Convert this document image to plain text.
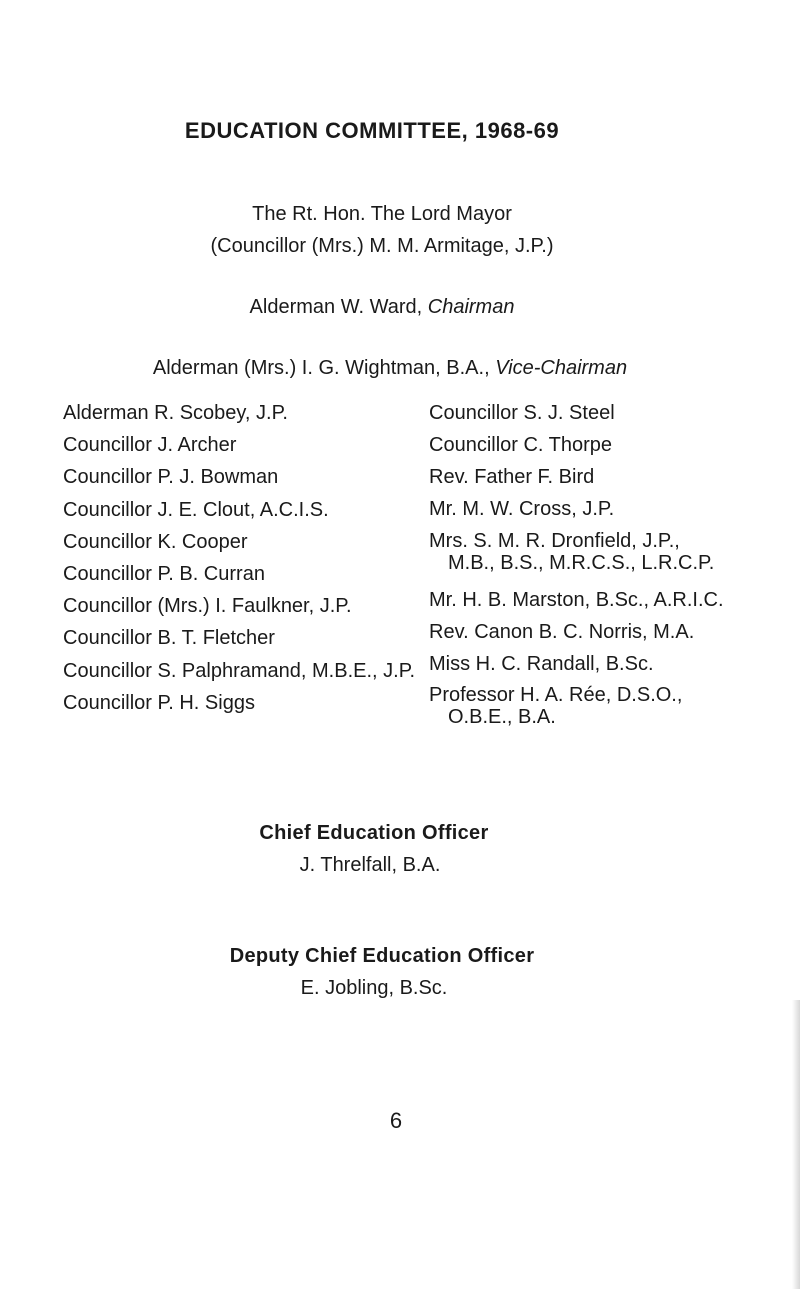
EDUCATION COMMITTEE, 1968-69
The Rt. Hon. The Lord Mayor
(Councillor (Mrs.) M. M. Armitage, J.P.)
Alderman W. Ward, Chairman
Alderman (Mrs.) I. G. Wightman, B.A., Vice-Chairman
Alderman R. Scobey, J.P.
Councillor J. Archer
Councillor P. J. Bowman
Councillor J. E. Clout, A.C.I.S.
Councillor K. Cooper
Councillor P. B. Curran
Councillor (Mrs.) I. Faulkner, J.P.
Councillor B. T. Fletcher
Councillor S. Palphramand, M.B.E., J.P.
Councillor P. H. Siggs
Councillor S. J. Steel
Councillor C. Thorpe
Rev. Father F. Bird
Mr. M. W. Cross, J.P.
Mrs. S. M. R. Dronfield, J.P.,
M.B., B.S., M.R.C.S., L.R.C.P.
Mr. H. B. Marston, B.Sc., A.R.I.C.
Rev. Canon B. C. Norris, M.A.
Miss H. C. Randall, B.Sc.
Professor H. A. Rée, D.S.O.,
O.B.E., B.A.
Chief Education Officer
J. Threlfall, B.A.
Deputy Chief Education Officer
E. Jobling, B.Sc.
6
